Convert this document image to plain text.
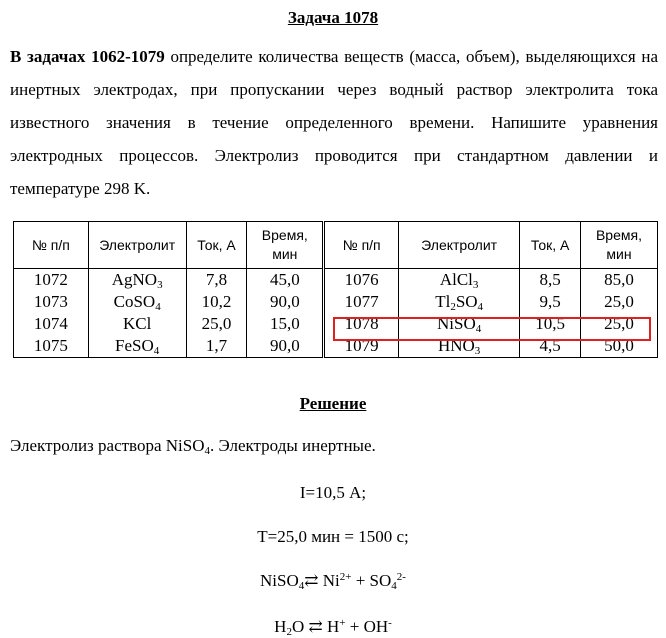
Задача 1078
В задачах 1062-1079 определите количества веществ (масса, объем), выделяющихся на инертных электродах, при пропускании через водный раствор электролита тока известного значения в течение определенного времени. Напишите уравнения электродных процессов. Электролиз проводится при стандартном давлении и температуре 298 K.
№ п/п	Электролит	Ток, А	Время, мин	№ п/п	Электролит	Ток, А	Время, мин
1072	AgNO$_3$	7,8	45,0	1076	AlCl$_3$	8,5	85,0
1073	CoSO$_4$	10,2	90,0	1077	$Tl_2SO_4$	9,5	25,0
1074	KCl	25,0	15,0	1078	NiSO$_4$	10,5	25,0
1075	FeSO$_4$	1,7	90,0	1079	$HNO_3$	4,5	50,0
Решение
Электролиз раствора NiSO$_4$. Электроды инертные.
I=10,5 А;
T=25,0 мин = 1500 с;
NiSO$_4$⇄ $Ni^{2+} + SO_4^{2-}$
$H_2O$ ⇄ H+ + OH-
